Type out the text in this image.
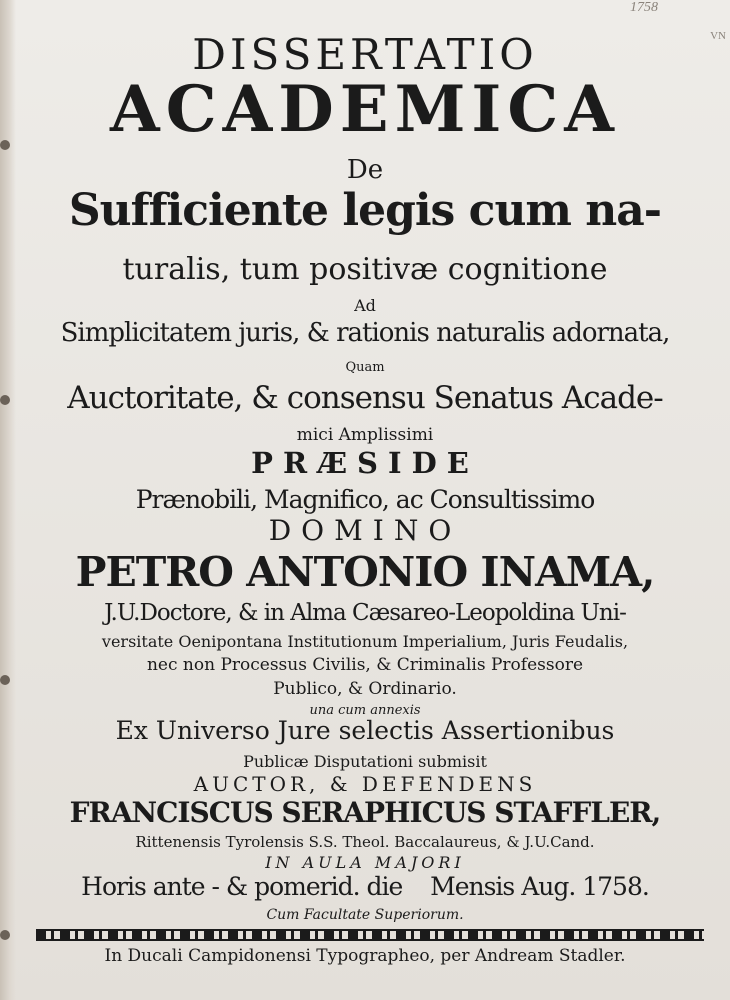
1758
VN
DISSERTATIO
ACADEMICA
De
Sufficiente legis cum na-
turalis, tum positivæ cognitione
Ad
Simplicitatem juris, & rationis naturalis adornata,
Quam
Auctoritate, & consensu Senatus Acade-
mici Amplissimi
PRÆSIDE
Prænobili, Magnifico, ac Consultissimo
DOMINO
PETRO ANTONIO INAMA,
J.U.Doctore, & in Alma Cæsareo-Leopoldina Uni-
versitate Oenipontana Institutionum Imperialium, Juris Feudalis,
nec non Processus Civilis, & Criminalis Professore
Publico, & Ordinario.
una cum annexis
Ex Universo Jure selectis Assertionibus
Publicæ Disputationi submisit
AUCTOR, & DEFENDENS
FRANCISCUS SERAPHICUS STAFFLER,
Rittenensis Tyrolensis S.S. Theol. Baccalaureus, & J.U.Cand.
IN AULA MAJORI
Horis ante - & pomerid. die    Mensis Aug. 1758.
Cum Facultate Superiorum.
In Ducali Campidonensi Typographeo, per Andream Stadler.
